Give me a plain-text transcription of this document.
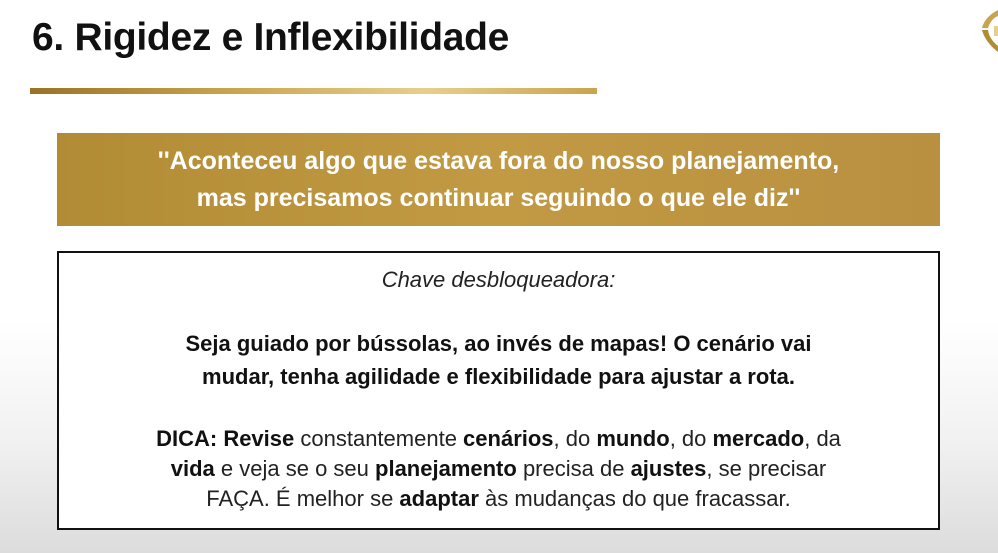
6. Rigidez e Inflexibilidade

''Aconteceu algo que estava fora do nosso planejamento,
mas precisamos continuar seguindo o que ele diz''

Chave desbloqueadora:
Seja guiado por bússolas, ao invés de mapas! O cenário vai
mudar, tenha agilidade e flexibilidade para ajustar a rota.
DICA: Revise constantemente cenários, do mundo, do mercado, da
vida e veja se o seu planejamento precisa de ajustes, se precisar
FAÇA. É melhor se adaptar às mudanças do que fracassar.
